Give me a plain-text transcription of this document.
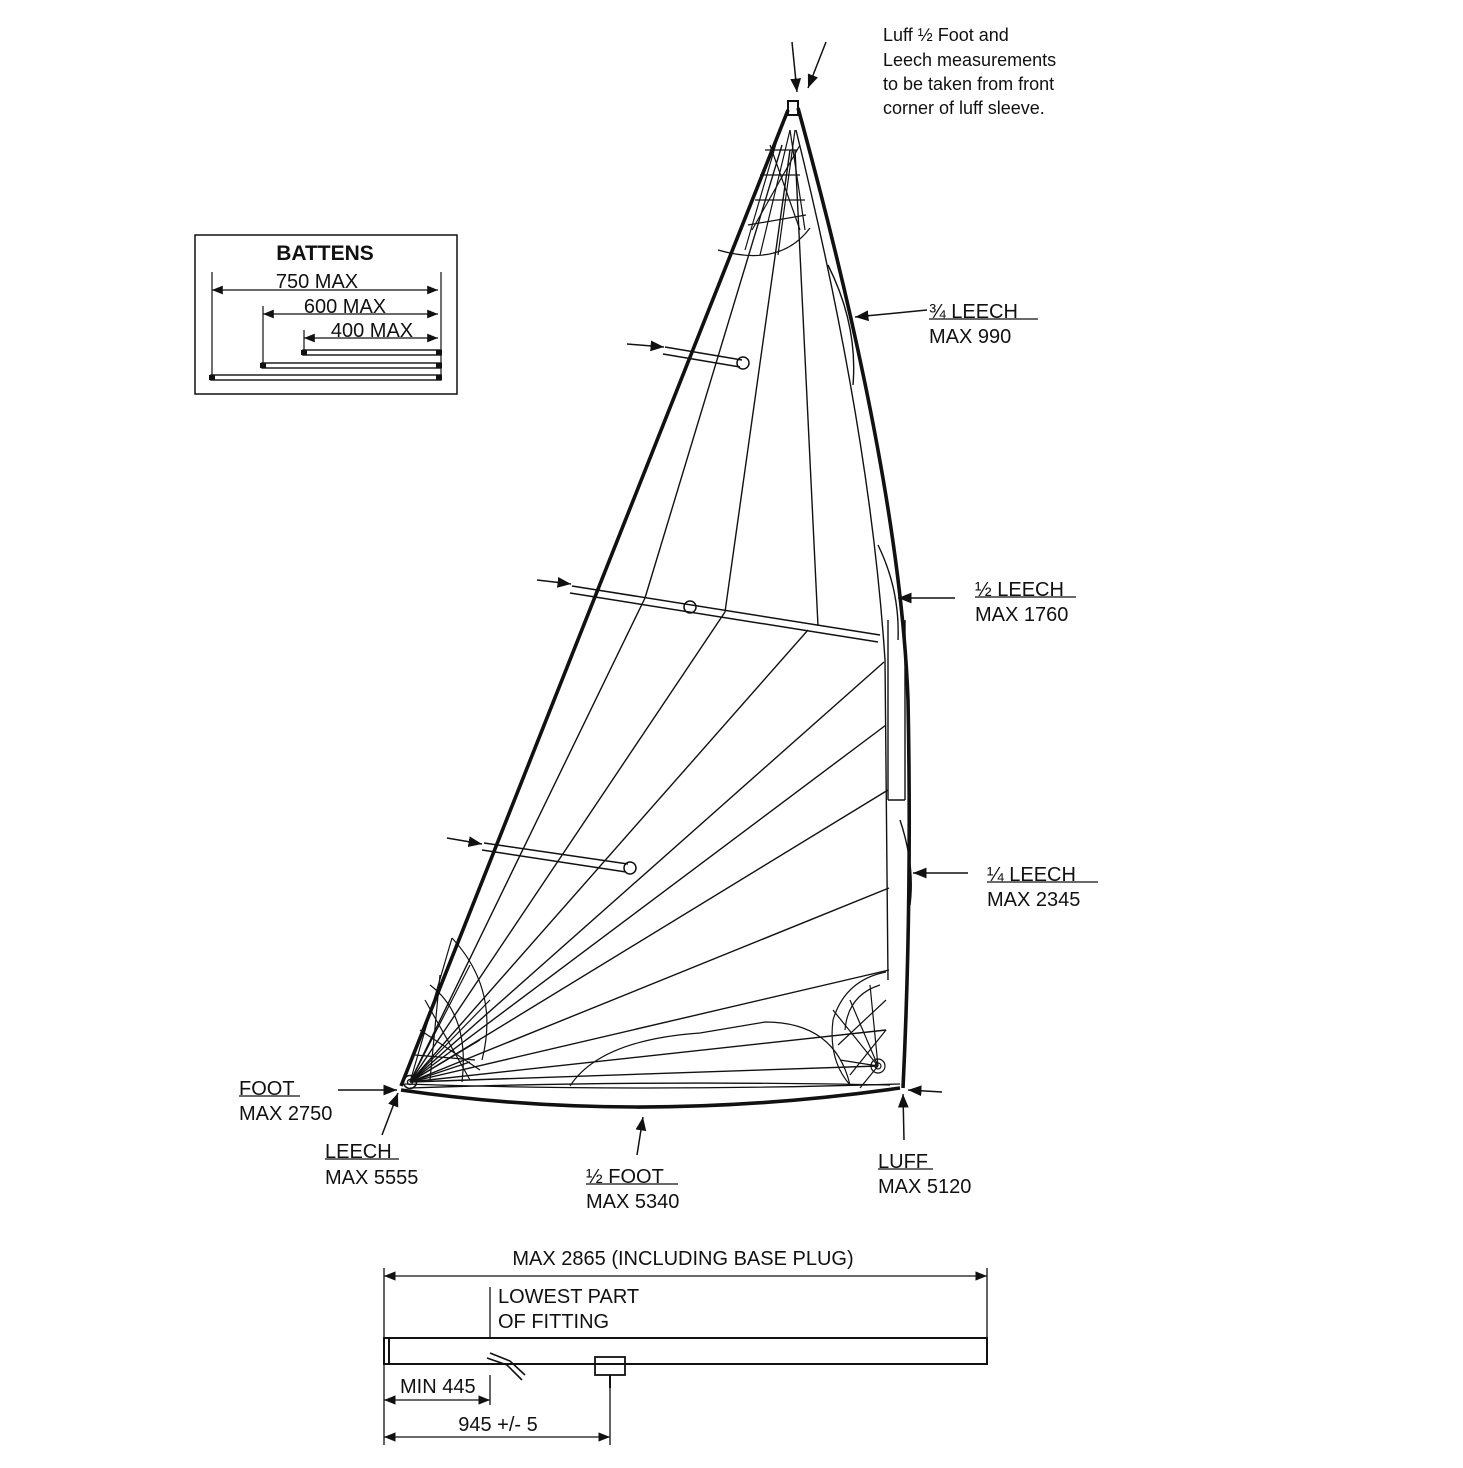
Luff ½ Foot and
Leech measurements
to be taken from front
corner of luff sleeve.
BATTENS
750 MAX
600 MAX
400 MAX
¾ LEECH
MAX 990
½ LEECH
MAX 1760
¼ LEECH
MAX 2345
FOOT
MAX 2750
LEECH
MAX 5555	½ FOOT
MAX 5340
LUFF
MAX 5120
MAX 2865 (INCLUDING BASE PLUG)
LOWEST PART
OF FITTING
MIN 445
945 +/- 5
